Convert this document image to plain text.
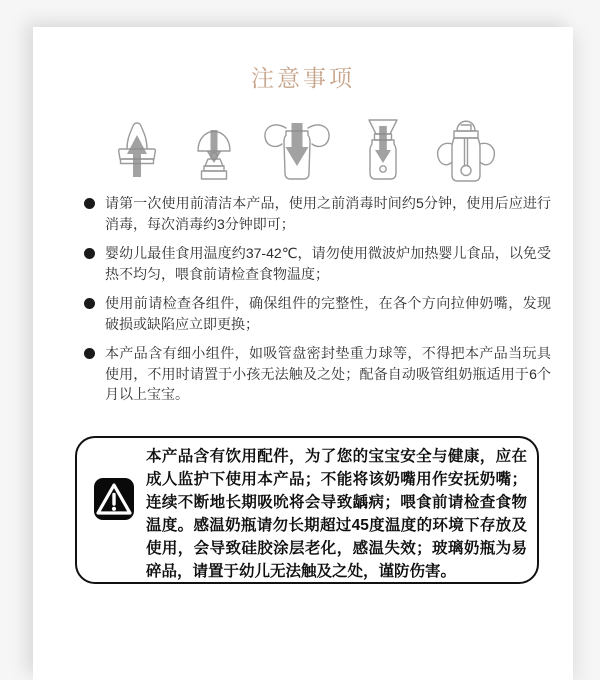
注意事项
请第一次使用前清洁本产品，使用之前消毒时间约5分钟，使用后应进行消毒，每次消毒约3分钟即可；
婴幼儿最佳食用温度约37-42℃，请勿使用微波炉加热婴儿食品，以免受热不均匀，喂食前请检查食物温度；
使用前请检查各组件，确保组件的完整性，在各个方向拉伸奶嘴，发现破损或缺陷应立即更换；
本产品含有细小组件，如吸管盘密封垫重力球等，不得把本产品当玩具使用，不用时请置于小孩无法触及之处；配备自动吸管组奶瓶适用于6个月以上宝宝。

本产品含有饮用配件，为了您的宝宝安全与健康，应在成人监护下使用本产品；不能将该奶嘴用作安抚奶嘴；连续不断地长期吸吮将会导致龋病；喂食前请检查食物温度。感温奶瓶请勿长期超过45度温度的环境下存放及使用，会导致硅胶涂层老化，感温失效；玻璃奶瓶为易碎品，请置于幼儿无法触及之处，谨防伤害。
